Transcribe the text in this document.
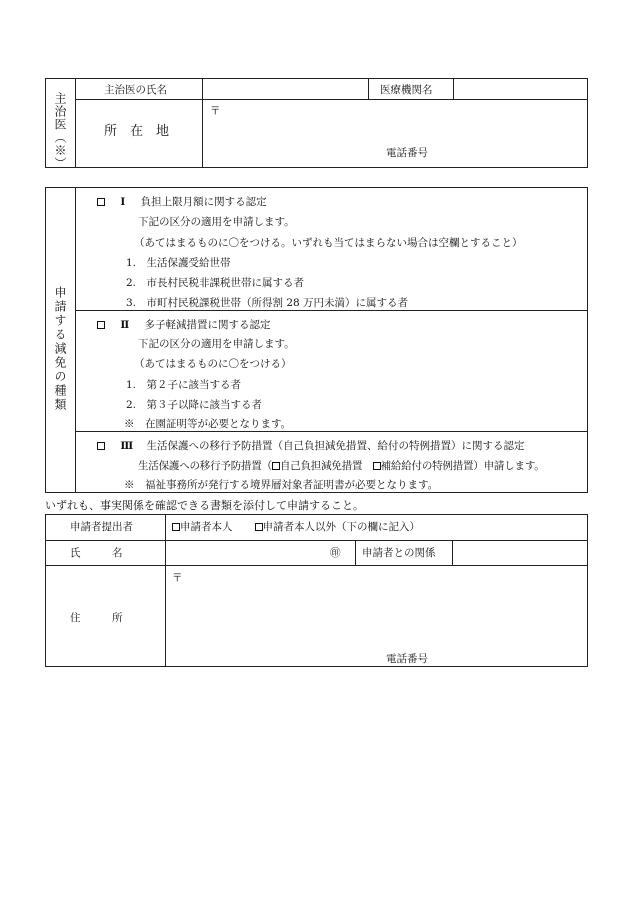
主治医（※）
主治医の氏名	医療機関名
所　在　地
〒
電話番号
申請する減免の種類
Ⅰ 負担上限月額に関する認定
下記の区分の適用を申請します。
（あてはまるものに〇をつける。いずれも当てはまらない場合は空欄とすること）
1.　生活保護受給世帯
2.　市長村民税非課税世帯に属する者
3.　市町村民税課税世帯（所得割 28 万円未満）に属する者
Ⅱ 多子軽減措置に関する認定
下記の区分の適用を申請します。
（あてはまるものに〇をつける）
1.　第２子に該当する者
2.　第３子以降に該当する者
※　在園証明等が必要となります。
Ⅲ 生活保護への移行予防措置（自己負担減免措置、給付の特例措置）に関する認定
生活保護への移行予防措置（ 自己負担減免措置　 補給給付の特例措置）申請します。
※　福祉事務所が発行する境界層対象者証明書が必要となります。
いずれも、事実関係を確認できる書類を添付して申請すること。
申請者提出者	申請者本人	申請者本人以外（下の欄に記入）
氏　　　名	㊞ 申請者との関係
住　　　所
〒
電話番号
